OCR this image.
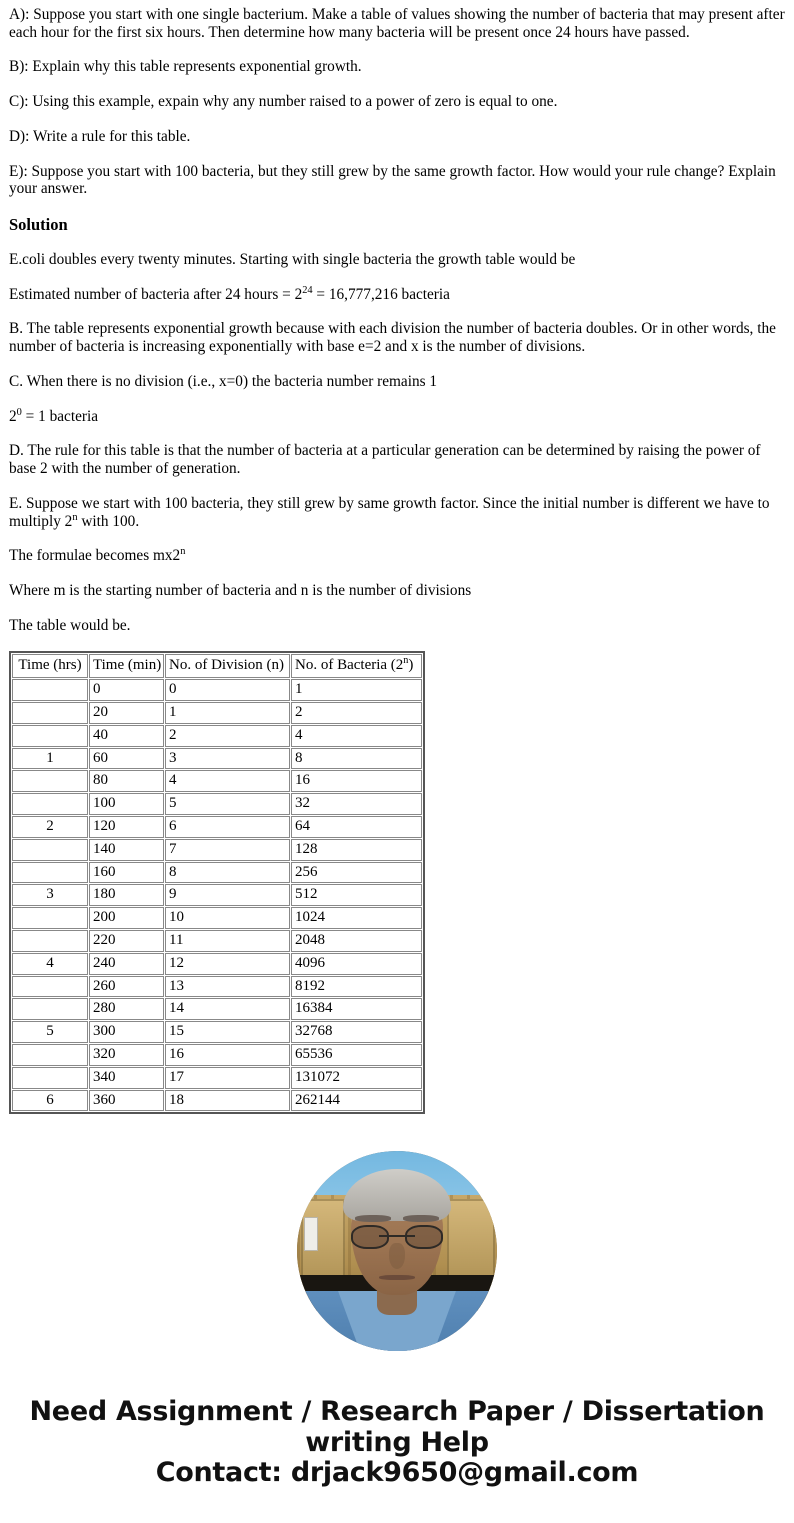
A): Suppose you start with one single bacterium. Make a table of values showing the number of bacteria that may present after each hour for the first six hours. Then determine how many bacteria will be present once 24 hours have passed.

B): Explain why this table represents exponential growth.

C): Using this example, expain why any number raised to a power of zero is equal to one.

D): Write a rule for this table.

E): Suppose you start with 100 bacteria, but they still grew by the same growth factor. How would your rule change? Explain your answer.

Solution

E.coli doubles every twenty minutes. Starting with single bacteria the growth table would be

Estimated number of bacteria after 24 hours = $2^{24} = 16,777,216$ bacteria

B. The table represents exponential growth because with each division the number of bacteria doubles. Or in other words, the number of bacteria is increasing exponentially with base e=2 and x is the number of divisions.

C. When there is no division (i.e., x=0) the bacteria number remains 1

$2^0 = 1$ bacteria

D. The rule for this table is that the number of bacteria at a particular generation can be determined by raising the power of base 2 with the number of generation.

E. Suppose we start with 100 bacteria, they still grew by same growth factor. Since the initial number is different we have to multiply 2$^n$ with 100.

The formulae becomes mx2$^n$

Where m is the starting number of bacteria and n is the number of divisions

The table would be.

Time (hrs)	Time (min)	No. of Division (n)	No. of Bacteria (2$^n$)
	0	0	1
	20	1	2
	40	2	4
1	60	3	8
	80	4	16
	100	5	32
2	120	6	64
	140	7	128
	160	8	256
3	180	9	512
	200	10	1024
	220	11	2048
4	240	12	4096
	260	13	8192
	280	14	16384
5	300	15	32768
	320	16	65536
	340	17	131072
6	360	18	262144
Need Assignment / Research Paper / Dissertation
writing Help
Contact: drjack9650@gmail.com
